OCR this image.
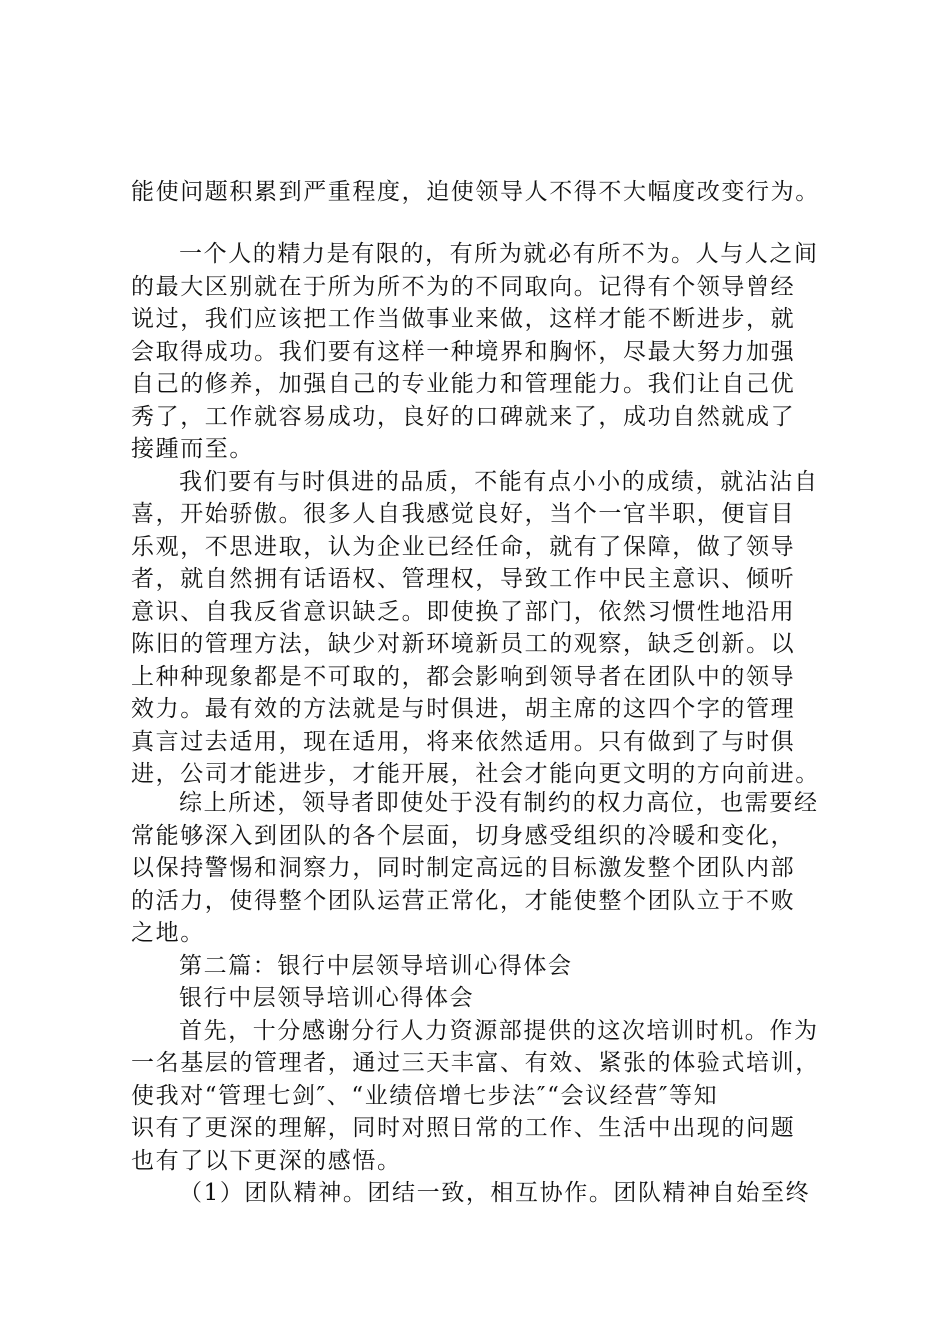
能使问题积累到严重程度，迫使领导人不得不大幅度改变行为。
一个人的精力是有限的，有所为就必有所不为。人与人之间
的最大区别就在于所为所不为的不同取向。记得有个领导曾经
说过，我们应该把工作当做事业来做，这样才能不断进步，就
会取得成功。我们要有这样一种境界和胸怀，尽最大努力加强
自己的修养，加强自己的专业能力和管理能力。我们让自己优
秀了，工作就容易成功，良好的口碑就来了，成功自然就成了
接踵而至。
我们要有与时俱进的品质，不能有点小小的成绩，就沾沾自
喜，开始骄傲。很多人自我感觉良好，当个一官半职，便盲目
乐观，不思进取，认为企业已经任命，就有了保障，做了领导
者，就自然拥有话语权、管理权，导致工作中民主意识、倾听
意识、自我反省意识缺乏。即使换了部门，依然习惯性地沿用
陈旧的管理方法，缺少对新环境新员工的观察，缺乏创新。以
上种种现象都是不可取的，都会影响到领导者在团队中的领导
效力。最有效的方法就是与时俱进，胡主席的这四个字的管理
真言过去适用，现在适用，将来依然适用。只有做到了与时俱
进，公司才能进步，才能开展，社会才能向更文明的方向前进。
综上所述，领导者即使处于没有制约的权力高位，也需要经
常能够深入到团队的各个层面，切身感受组织的冷暖和变化，
以保持警惕和洞察力，同时制定高远的目标激发整个团队内部
的活力，使得整个团队运营正常化，才能使整个团队立于不败
之地。
第二篇：银行中层领导培训心得体会
银行中层领导培训心得体会
首先，十分感谢分行人力资源部提供的这次培训时机。作为
一名基层的管理者，通过三天丰富、有效、紧张的体验式培训，
使我对“管理七剑″、“业绩倍增七步法″“会议经营″等知
识有了更深的理解，同时对照日常的工作、生活中出现的问题
也有了以下更深的感悟。
（1）团队精神。团结一致，相互协作。团队精神自始至终
